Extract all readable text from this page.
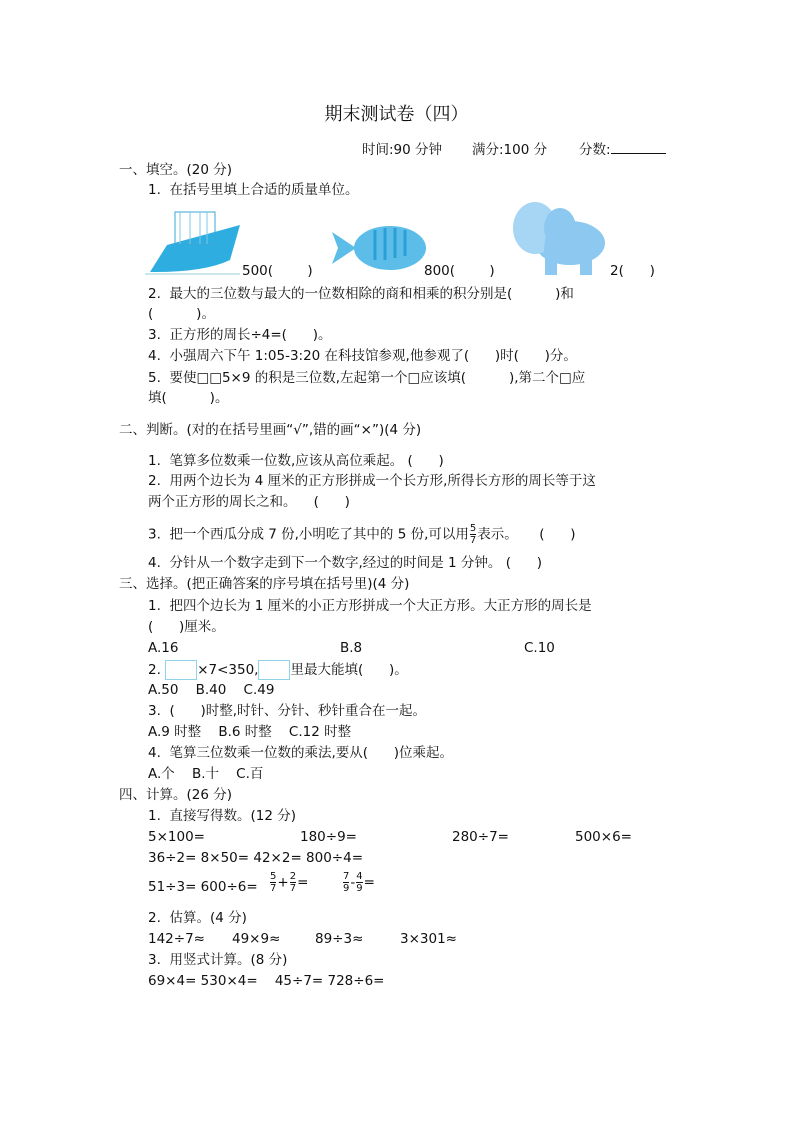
期末测试卷（四）
时间:90 分钟 满分:100 分 分数:
一、填空。(20 分)
1.  在括号里填上合适的质量单位。
500(        )	800(        )	2(      )
2.  最大的三位数与最大的一位数相除的商和相乘的积分别是(          )和
(          )。
3.  正方形的周长÷4=(      )。
4.  小强周六下午 1:05-3:20 在科技馆参观,他参观了(      )时(      )分。
5.  要使□□5×9 的积是三位数,左起第一个□应该填(          ),第二个□应
填(          )。
二、判断。(对的在括号里画“√”,错的画“×”)(4 分)
1.  笔算多位数乘一位数,应该从高位乘起。 (      )
2.  用两个边长为 4 厘米的正方形拼成一个长方形,所得长方形的周长等于这
两个正方形的周长之和。    (      )
3.  把一个西瓜分成 7 份,小明吃了其中的 5 份,可以用 $\frac{5}{7}$ 表示。     (      )
4.  分针从一个数字走到下一个数字,经过的时间是 1 分钟。 (      )
三、选择。(把正确答案的序号填在括号里)(4 分)
1.  把四个边长为 1 厘米的小正方形拼成一个大正方形。大正方形的周长是
(      )厘米。
A.16	B.8	C.10
2.	×7<350, 里最大能填(      )。
A.50    B.40    C.49
3.  (      )时整,时针、分针、秒针重合在一起。
A.9 时整    B.6 时整    C.12 时整
4.  笔算三位数乘一位数的乘法,要从(      )位乘起。
A.个    B.十    C.百
四、计算。(26 分)
1.  直接写得数。(12 分)
5×100=	180÷9=	280÷7=	500×6=
36÷2= 8×50= 42×2= 800÷4=
$51\div 3= 600\div 6= \frac{5}{7} + \frac{2}{7}$ =	$\frac{7}{9} - \frac{4}{9}$ =
2.  估算。(4 分)
142÷7≈ 49×9≈	89÷3≈	3×301≈
3.  用竖式计算。(8 分)
69×4= 530×4=    45÷7= 728÷6=
